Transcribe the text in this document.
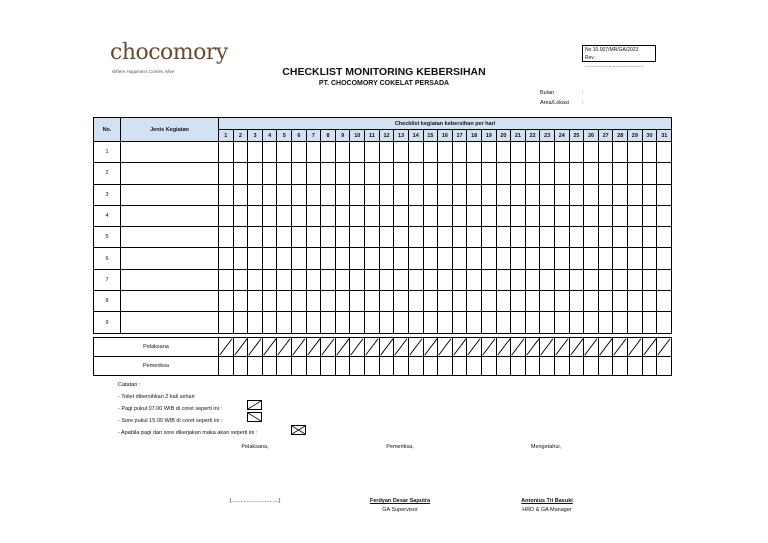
chocomory
Where Happiness Comes Alive
No 10.007/MR/GA/2023
Rev : ..........................................
CHECKLIST MONITORING KEBERSIHAN
PT. CHOCOMORY COKELAT PERSADA
Bulan	:
Area/Lokasi :
No.	Jenis Kegiatan	Checklist kegiatan kebersihan per hari																														
		1	2	3	4	5	6	7	8	9	10	11	12	13	14	15	16	17	18	19	20	21	22	23	24	25	26	27	28	29	30	31
1																																
2																																
3																																
4																																
5																																
6																																
7																																
8																																
9																																
Pelaksana	

Pemeriksa																															
Catatan :
- Toilet dibersihkan 2 kali sehari
- Pagi pukul 07.00 WIB di coret seperti ini :
- Sore pukul 15.00 WIB di coret seperti ini :
- Apabila pagi dan sore dikerjakan maka akan seperti ini :
Pelaksana,	Pemeriksa,	Mengetahui,
(...............................)	Ferdyan Desar Saputra
GA Supervisor
Antonius Tri Basuki
HRD & GA Manager
